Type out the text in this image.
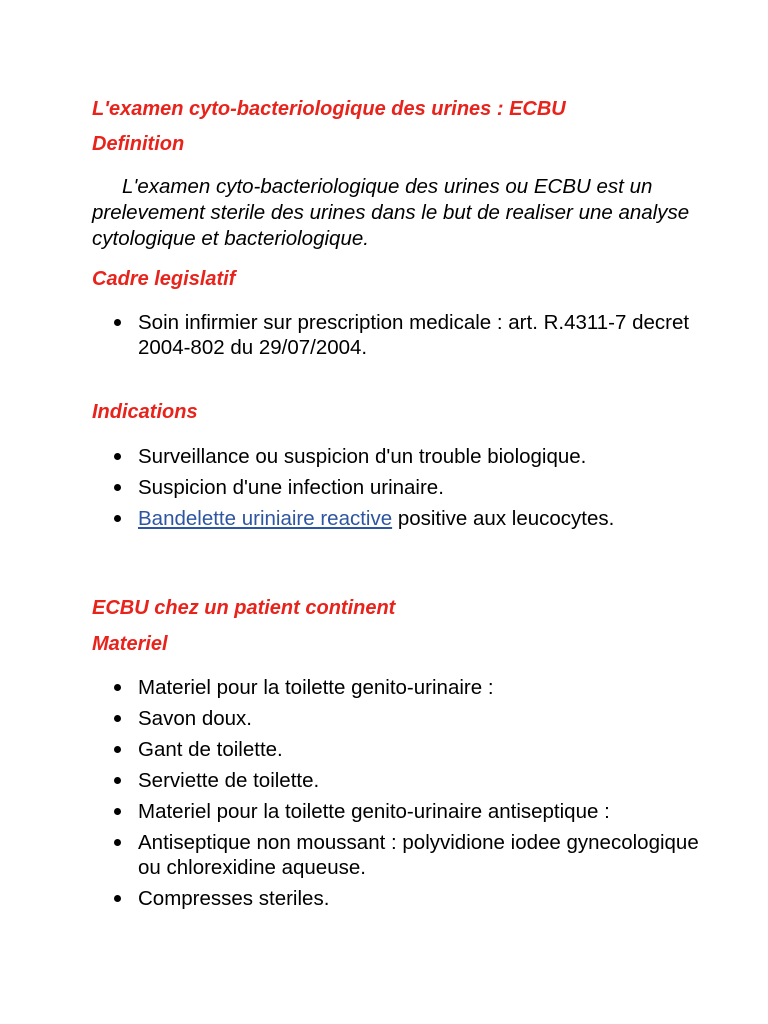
L'examen cyto-bacteriologique des urines : ECBU
Definition

L'examen cyto-bacteriologique des urines ou ECBU est un prelevement sterile des urines dans le but de realiser une analyse cytologique et bacteriologique.

Cadre legislatif
Soin infirmier sur prescription medicale : art. R.4311-7 decret 2004-802 du 29/07/2004.
Indications
Surveillance ou suspicion d'un trouble biologique.
Suspicion d'une infection urinaire.
Bandelette uriniaire reactive positive aux leucocytes.
ECBU chez un patient continent
Materiel
Materiel pour la toilette genito-urinaire :
Savon doux.
Gant de toilette.
Serviette de toilette.
Materiel pour la toilette genito-urinaire antiseptique :
Antiseptique non moussant : polyvidione iodee gynecologique ou chlorexidine aqueuse.
Compresses steriles.
